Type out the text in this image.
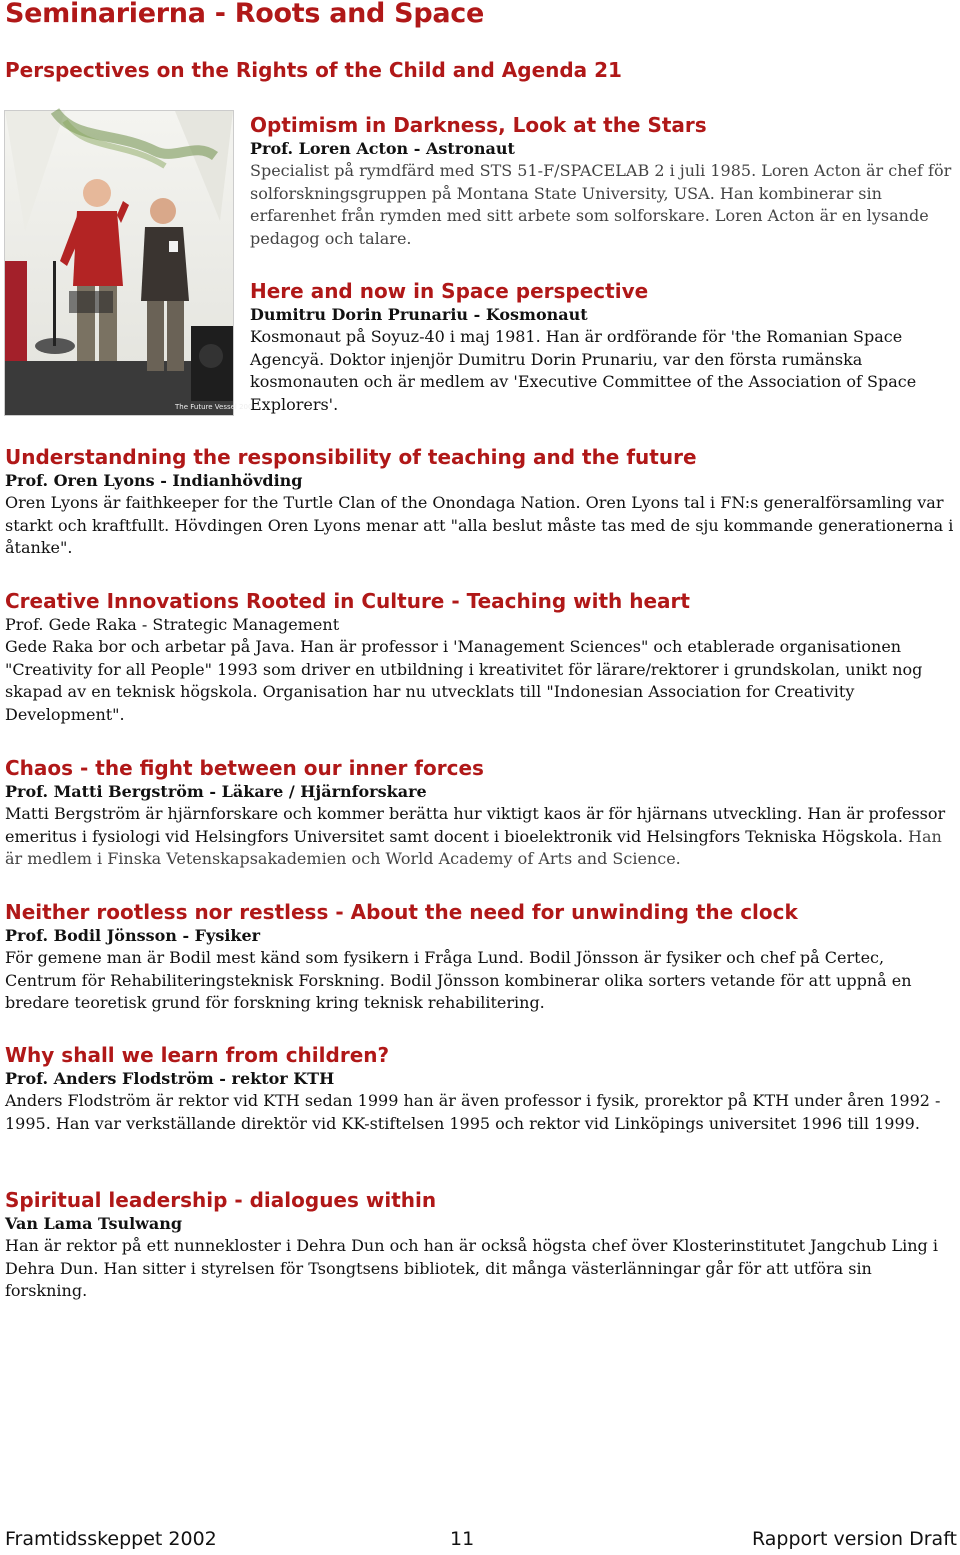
Seminarierna - Roots and Space

Perspectives on the Rights of the Child and Agenda 21

The Future Vessel 2002

Optimism in Darkness, Look at the Stars

Prof. Loren Acton - Astronaut

Specialist på rymdfärd med STS 51-F/SPACELAB 2 i juli 1985. Loren Acton är chef för solforskningsgruppen på Montana State University, USA. Han kombinerar sin erfarenhet från rymden med sitt arbete som solforskare. Loren Acton är en lysande pedagog och talare.

Here and now in Space perspective

Dumitru Dorin Prunariu - Kosmonaut

Kosmonaut på Soyuz-40 i maj 1981. Han är ordförande för 'the Romanian Space Agencyä. Doktor injenjör Dumitru Dorin Prunariu, var den första rumänska kosmonauten och är medlem av 'Executive Committee of the Association of Space Explorers'.

Understandning the responsibility of teaching and the future

Prof. Oren Lyons - Indianhövding

Oren Lyons är faithkeeper for the Turtle Clan of the Onondaga Nation. Oren Lyons tal i FN:s generalförsamling var starkt och kraftfullt. Hövdingen Oren Lyons menar att "alla beslut måste tas med de sju kommande generationerna i åtanke".

Creative Innovations Rooted in Culture - Teaching with heart

Prof. Gede Raka - Strategic Management

Gede Raka bor och arbetar på Java. Han är professor i 'Management Sciences" och etablerade organisationen "Creativity for all People" 1993 som driver en utbildning i kreativitet för lärare/rektorer i grundskolan, unikt nog skapad av en teknisk högskola. Organisation har nu utvecklats till "Indonesian Association for Creativity Development".

Chaos - the fight between our inner forces

Prof. Matti Bergström - Läkare / Hjärnforskare

Matti Bergström är hjärnforskare och kommer berätta hur viktigt kaos är för hjärnans utveckling. Han är professor emeritus i fysiologi vid Helsingfors Universitet samt docent i bioelektronik vid Helsingfors Tekniska Högskola. Han är medlem i Finska Vetenskapsakademien och World Academy of Arts and Science.

Neither rootless nor restless - About the need for unwinding the clock

Prof. Bodil Jönsson - Fysiker

För gemene man är Bodil mest känd som fysikern i Fråga Lund. Bodil Jönsson är fysiker och chef på Certec, Centrum för Rehabiliteringsteknisk Forskning. Bodil Jönsson kombinerar olika sorters vetande för att uppnå en bredare teoretisk grund för forskning kring teknisk rehabilitering.

Why shall we learn from children?

Prof. Anders Flodström - rektor KTH

Anders Flodström är rektor vid KTH sedan 1999 han är även professor i fysik, prorektor på KTH under åren 1992 - 1995. Han var verkställande direktör vid KK-stiftelsen 1995 och rektor vid Linköpings universitet 1996 till 1999.

Spiritual leadership - dialogues within

Van Lama Tsulwang

Han är rektor på ett nunnekloster i Dehra Dun och han är också högsta chef över Klosterinstitutet Jangchub Ling i Dehra Dun. Han sitter i styrelsen för Tsongtsens bibliotek, dit många västerlänningar går för att utföra sin forskning.

Framtidsskeppet 2002	11	Rapport version Draft
